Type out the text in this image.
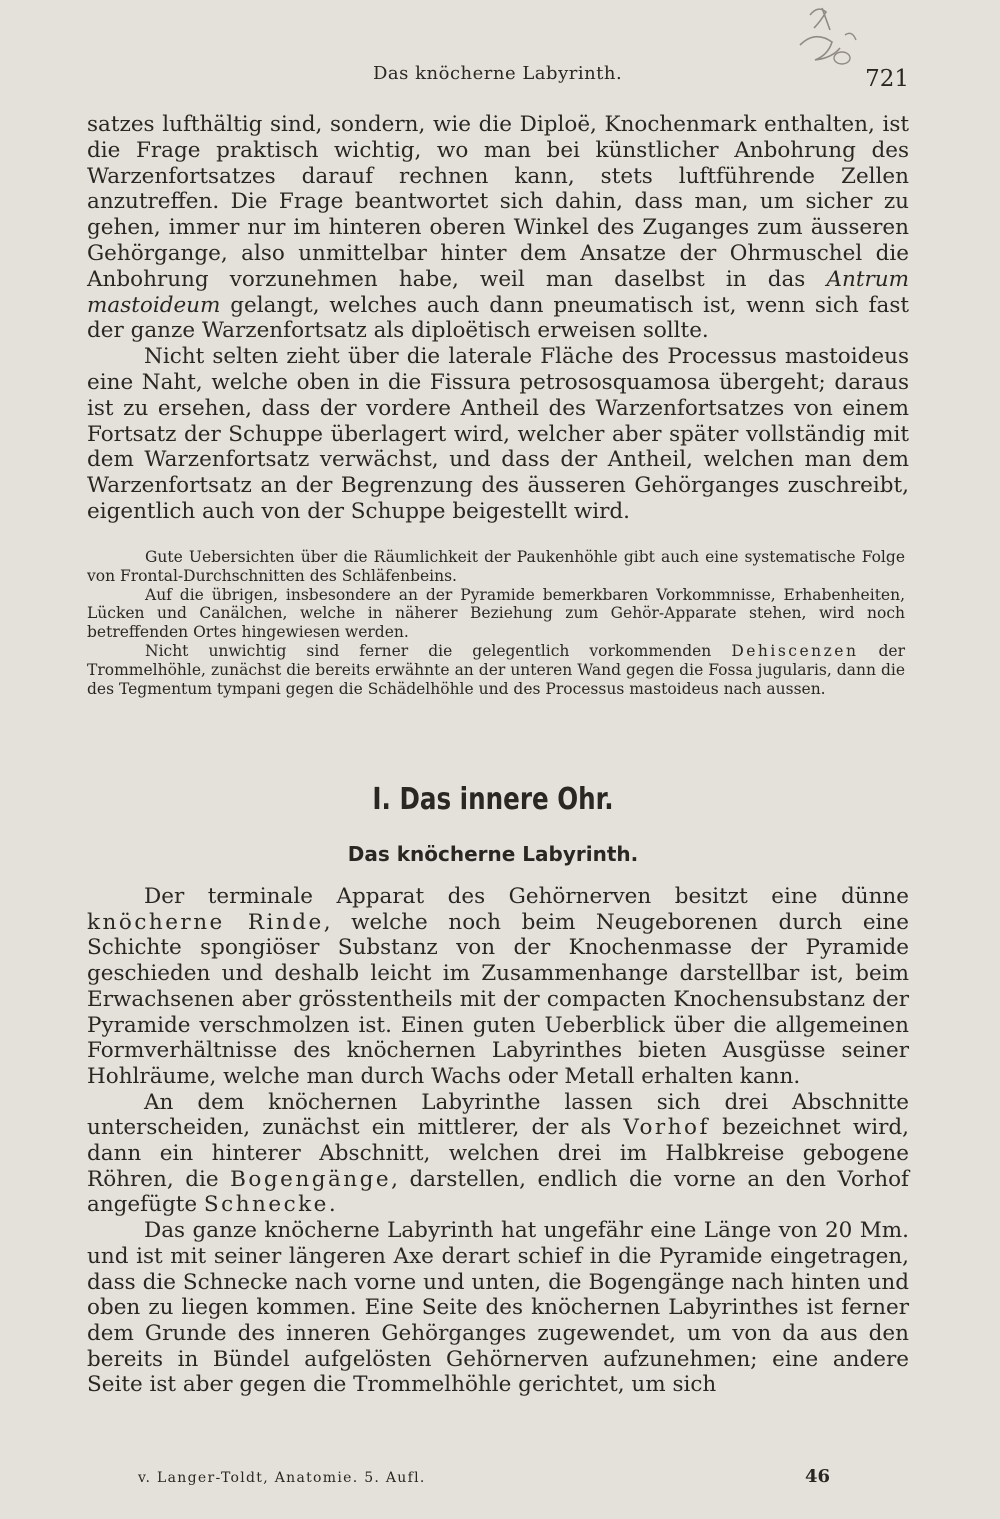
Das knöcherne Labyrinth.	721

satzes lufthältig sind, sondern, wie die Diploë, Knochenmark enthalten, ist die Frage praktisch wichtig, wo man bei künstlicher Anbohrung des Warzenfortsatzes darauf rechnen kann, stets luftführende Zellen anzutreffen. Die Frage beantwortet sich dahin, dass man, um sicher zu gehen, immer nur im hinteren oberen Winkel des Zuganges zum äusseren Gehörgange, also unmittelbar hinter dem Ansatze der Ohrmuschel die Anbohrung vorzunehmen habe, weil man daselbst in das Antrum mastoideum gelangt, welches auch dann pneumatisch ist, wenn sich fast der ganze Warzenfortsatz als diploëtisch erweisen sollte.

Nicht selten zieht über die laterale Fläche des Processus mastoideus eine Naht, welche oben in die Fissura petrososquamosa übergeht; daraus ist zu ersehen, dass der vordere Antheil des Warzenfortsatzes von einem Fortsatz der Schuppe überlagert wird, welcher aber später vollständig mit dem Warzenfortsatz verwächst, und dass der Antheil, welchen man dem Warzenfortsatz an der Begrenzung des äusseren Gehörganges zuschreibt, eigentlich auch von der Schuppe beigestellt wird.

Gute Uebersichten über die Räumlichkeit der Paukenhöhle gibt auch eine systematische Folge von Frontal-Durchschnitten des Schläfenbeins.

Auf die übrigen, insbesondere an der Pyramide bemerkbaren Vorkommnisse, Erhabenheiten, Lücken und Canälchen, welche in näherer Beziehung zum Gehör-Apparate stehen, wird noch betreffenden Ortes hingewiesen werden.

Nicht unwichtig sind ferner die gelegentlich vorkommenden Dehiscenzen der Trommelhöhle, zunächst die bereits erwähnte an der unteren Wand gegen die Fossa jugularis, dann die des Tegmentum tympani gegen die Schädelhöhle und des Processus mastoideus nach aussen.

I. Das innere Ohr.
Das knöcherne Labyrinth.

Der terminale Apparat des Gehörnerven besitzt eine dünne knöcherne Rinde, welche noch beim Neugeborenen durch eine Schichte spongiöser Substanz von der Knochenmasse der Pyramide geschieden und deshalb leicht im Zusammenhange darstellbar ist, beim Erwachsenen aber grösstentheils mit der compacten Knochensubstanz der Pyramide verschmolzen ist. Einen guten Ueberblick über die allgemeinen Formverhältnisse des knöchernen Labyrinthes bieten Ausgüsse seiner Hohlräume, welche man durch Wachs oder Metall erhalten kann.

An dem knöchernen Labyrinthe lassen sich drei Abschnitte unterscheiden, zunächst ein mittlerer, der als Vorhof bezeichnet wird, dann ein hinterer Abschnitt, welchen drei im Halbkreise gebogene Röhren, die Bogengänge, darstellen, endlich die vorne an den Vorhof angefügte Schnecke.

Das ganze knöcherne Labyrinth hat ungefähr eine Länge von 20 Mm. und ist mit seiner längeren Axe derart schief in die Pyramide eingetragen, dass die Schnecke nach vorne und unten, die Bogengänge nach hinten und oben zu liegen kommen. Eine Seite des knöchernen Labyrinthes ist ferner dem Grunde des inneren Gehörganges zugewendet, um von da aus den bereits in Bündel aufgelösten Gehörnerven aufzunehmen; eine andere Seite ist aber gegen die Trommelhöhle gerichtet, um sich

v. Langer-Toldt, Anatomie. 5. Aufl.	46
